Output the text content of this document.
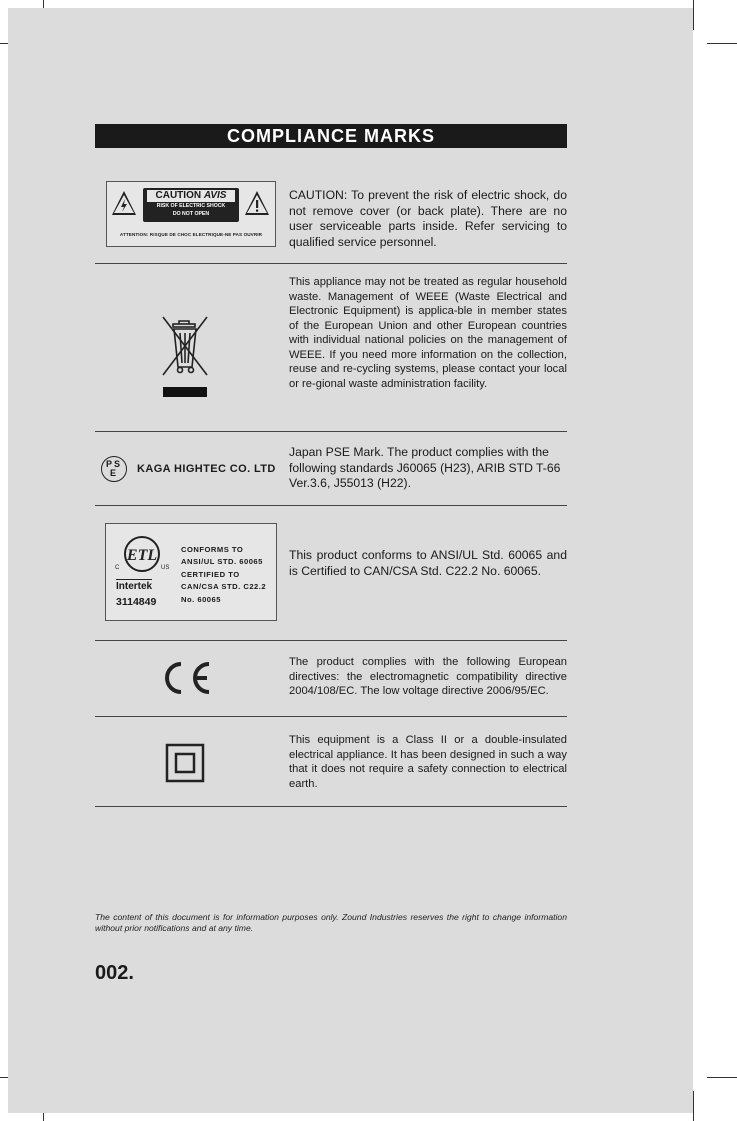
COMPLIANCE MARKS
CAUTION AVIS
RISK OF ELECTRIC SHOCK
DO NOT OPEN
ATTENTION: RISQUE DE CHOC ELECTRIQUE-NE PAS OUVRIR
CAUTION: To prevent the risk of electric shock, do not remove cover (or back plate). There are no user serviceable parts inside. Refer servicing to qualified service personnel.
This appliance may not be treated as regular household waste. Management of WEEE (Waste Electrical and Electronic Equipment) is applica-ble in member states of the European Union and other European countries with individual national policies on the management of WEEE. If you need more information on the collection, reuse and re-cycling systems, please contact your local or re-gional waste administration facility.
P S
E KAGA HIGHTEC CO. LTD
Japan PSE Mark. The product complies with the following standards J60065 (H23), ARIB STD T-66 Ver.3.6, J55013 (H22).
ETL
C	US
Intertek
3114849
CONFORMS TO
ANSI/UL STD. 60065
CERTIFIED TO
CAN/CSA STD. C22.2
No. 60065
This product conforms to ANSI/UL Std. 60065 and is Certified to CAN/CSA Std. C22.2 No. 60065.
The product complies with the following European directives: the electromagnetic compatibility directive 2004/108/EC. The low voltage directive 2006/95/EC.
This equipment is a Class II or a double-insulated electrical appliance. It has been designed in such a way that it does not require a safety connection to electrical earth.
The content of this document is for information purposes only. Zound Industries reserves the right to change information without prior notifications and at any time.
002.
